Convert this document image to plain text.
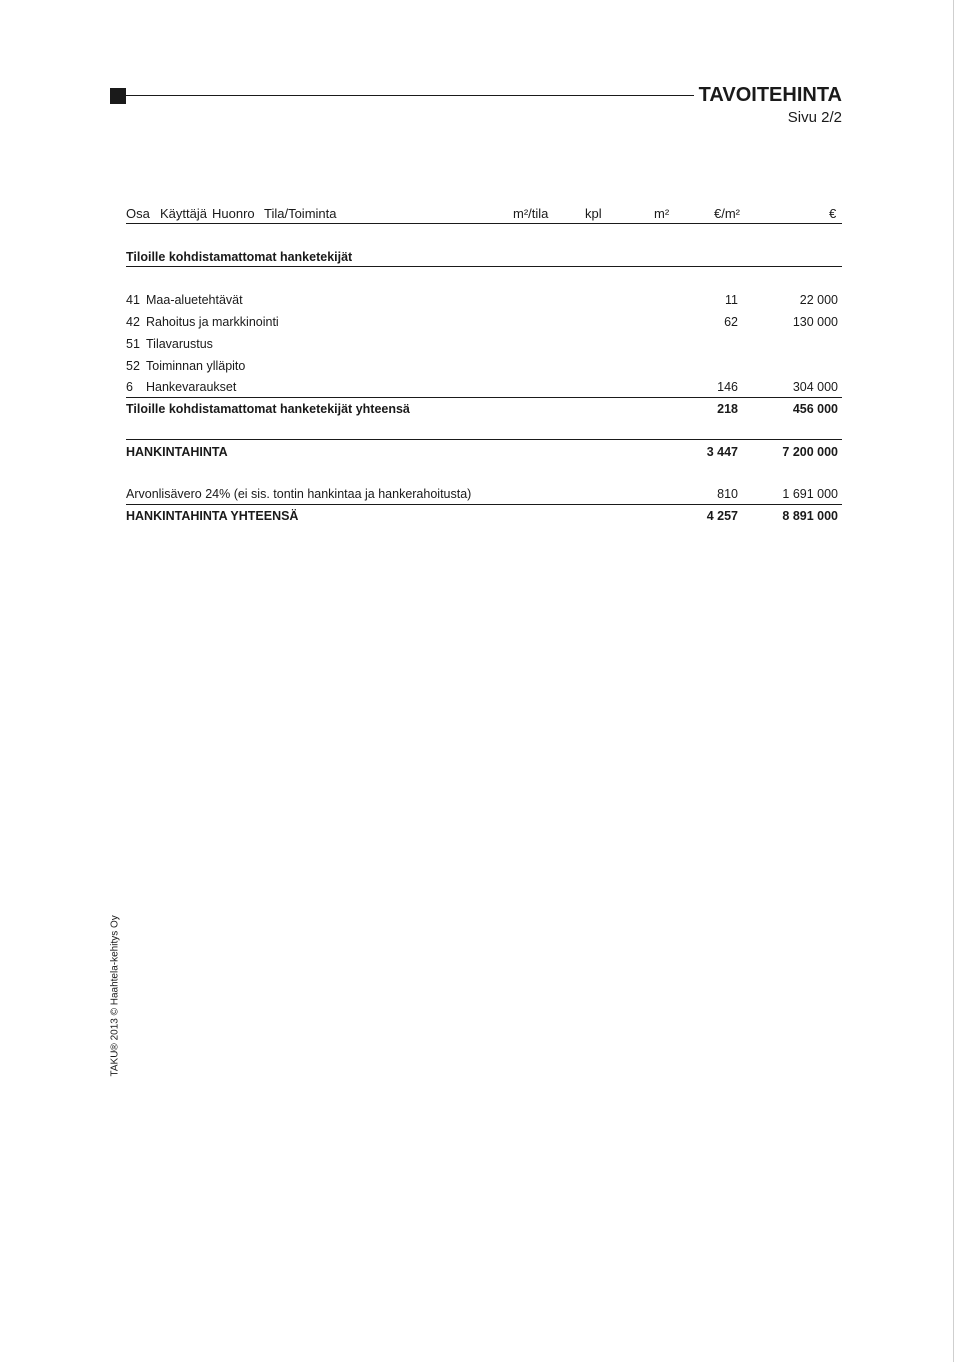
TAVOITEHINTA
Sivu 2/2
Osa Käyttäjä Huonro Tila/Toiminta	m²/tila	kpl	m²	€/m²	€
Tiloille kohdistamattomat hanketekijät
41 Maa-aluetehtävät	11	22 000
42 Rahoitus ja markkinointi	62	130 000
51 Tilavarustus
52 Toiminnan ylläpito
6	Hankevaraukset	146	304 000
Tiloille kohdistamattomat hanketekijät yhteensä	218	456 000
HANKINTAHINTA	3 447	7 200 000
Arvonlisävero 24% (ei sis. tontin hankintaa ja hankerahoitusta)	810	1 691 000
HANKINTAHINTA YHTEENSÄ	4 257	8 891 000
TAKU® 2013 © Haahtela-kehitys Oy
